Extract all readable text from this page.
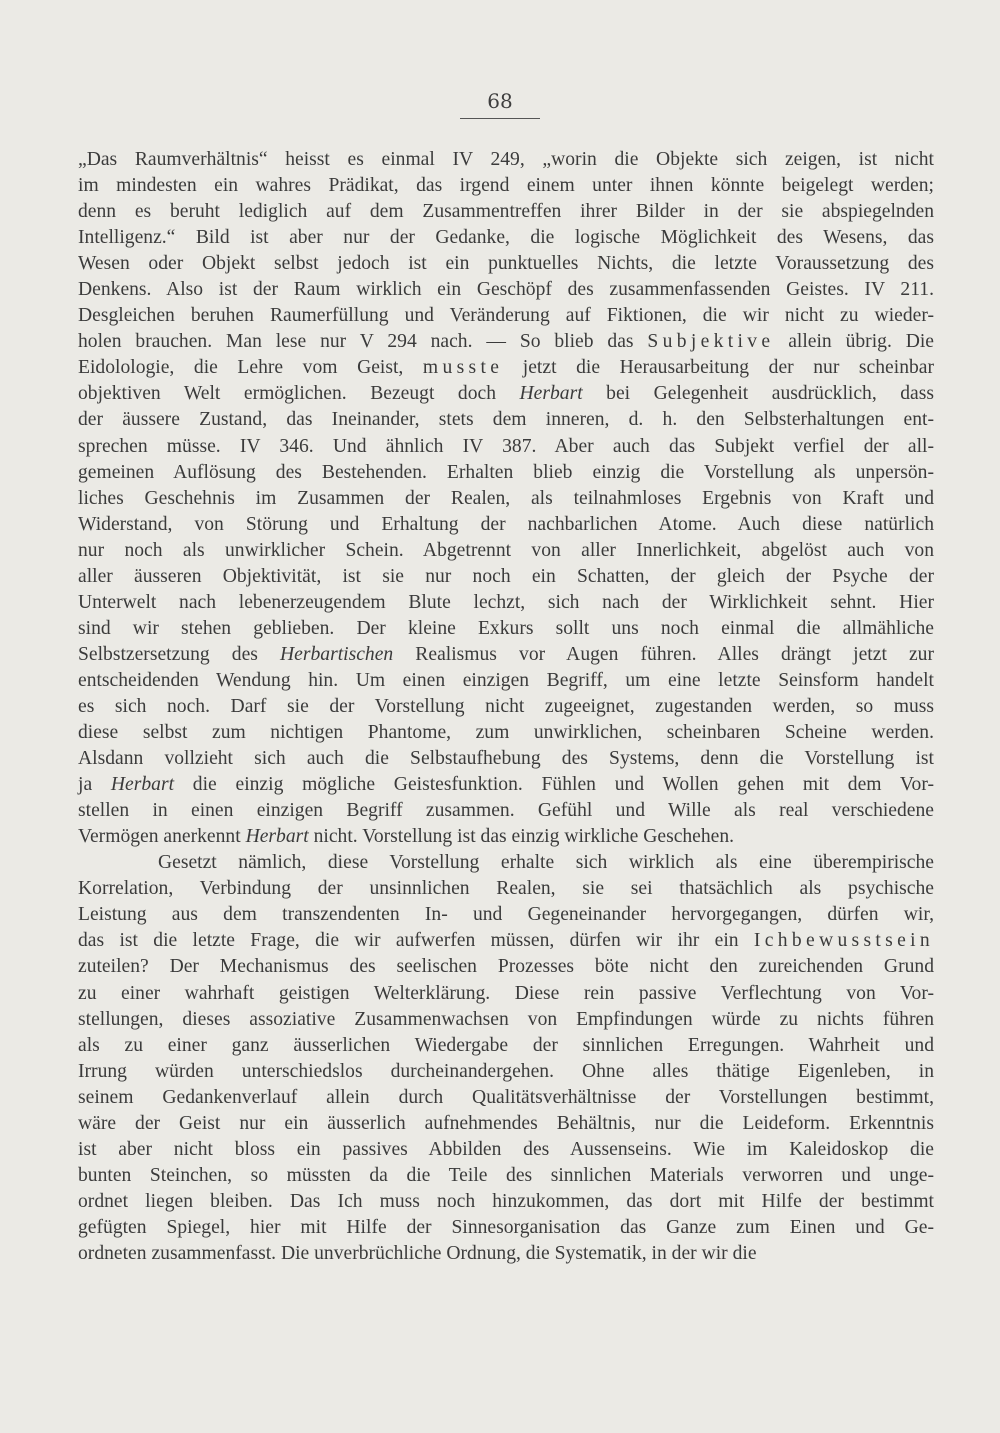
68
„Das Raumverhältnis“ heisst es einmal IV 249, „worin die Objekte sich zeigen, ist nicht
im mindesten ein wahres Prädikat, das irgend einem unter ihnen könnte beigelegt werden;
denn es beruht lediglich auf dem Zusammentreffen ihrer Bilder in der sie abspiegelnden
Intelligenz.“ Bild ist aber nur der Gedanke, die logische Möglichkeit des Wesens, das
Wesen oder Objekt selbst jedoch ist ein punktuelles Nichts, die letzte Voraussetzung des
Denkens. Also ist der Raum wirklich ein Geschöpf des zusammenfassenden Geistes. IV 211.
Desgleichen beruhen Raumerfüllung und Veränderung auf Fiktionen, die wir nicht zu wieder-
holen brauchen. Man lese nur V 294 nach. — So blieb das Subjektive allein übrig. Die
Eidolologie, die Lehre vom Geist, musste jetzt die Herausarbeitung der nur scheinbar
objektiven Welt ermöglichen. Bezeugt doch Herbart bei Gelegenheit ausdrücklich, dass
der äussere Zustand, das Ineinander, stets dem inneren, d. h. den Selbsterhaltungen ent-
sprechen müsse. IV 346. Und ähnlich IV 387. Aber auch das Subjekt verfiel der all-
gemeinen Auflösung des Bestehenden. Erhalten blieb einzig die Vorstellung als unpersön-
liches Geschehnis im Zusammen der Realen, als teilnahmloses Ergebnis von Kraft und
Widerstand, von Störung und Erhaltung der nachbarlichen Atome. Auch diese natürlich
nur noch als unwirklicher Schein. Abgetrennt von aller Innerlichkeit, abgelöst auch von
aller äusseren Objektivität, ist sie nur noch ein Schatten, der gleich der Psyche der
Unterwelt nach lebenerzeugendem Blute lechzt, sich nach der Wirklichkeit sehnt. Hier
sind wir stehen geblieben. Der kleine Exkurs sollt uns noch einmal die allmähliche
Selbstzersetzung des Herbartischen Realismus vor Augen führen. Alles drängt jetzt zur
entscheidenden Wendung hin. Um einen einzigen Begriff, um eine letzte Seinsform handelt
es sich noch. Darf sie der Vorstellung nicht zugeeignet, zugestanden werden, so muss
diese selbst zum nichtigen Phantome, zum unwirklichen, scheinbaren Scheine werden.
Alsdann vollzieht sich auch die Selbstaufhebung des Systems, denn die Vorstellung ist
ja Herbart die einzig mögliche Geistesfunktion. Fühlen und Wollen gehen mit dem Vor-
stellen in einen einzigen Begriff zusammen. Gefühl und Wille als real verschiedene
Vermögen anerkennt Herbart nicht. Vorstellung ist das einzig wirkliche Geschehen.
Gesetzt nämlich, diese Vorstellung erhalte sich wirklich als eine überempirische
Korrelation, Verbindung der unsinnlichen Realen, sie sei thatsächlich als psychische
Leistung aus dem transzendenten In- und Gegeneinander hervorgegangen, dürfen wir,
das ist die letzte Frage, die wir aufwerfen müssen, dürfen wir ihr ein Ichbewusstsein
zuteilen? Der Mechanismus des seelischen Prozesses böte nicht den zureichenden Grund
zu einer wahrhaft geistigen Welterklärung. Diese rein passive Verflechtung von Vor-
stellungen, dieses assoziative Zusammenwachsen von Empfindungen würde zu nichts führen
als zu einer ganz äusserlichen Wiedergabe der sinnlichen Erregungen. Wahrheit und
Irrung würden unterschiedslos durcheinandergehen. Ohne alles thätige Eigenleben, in
seinem Gedankenverlauf allein durch Qualitätsverhältnisse der Vorstellungen bestimmt,
wäre der Geist nur ein äusserlich aufnehmendes Behältnis, nur die Leideform. Erkenntnis
ist aber nicht bloss ein passives Abbilden des Aussenseins. Wie im Kaleidoskop die
bunten Steinchen, so müssten da die Teile des sinnlichen Materials verworren und unge-
ordnet liegen bleiben. Das Ich muss noch hinzukommen, das dort mit Hilfe der bestimmt
gefügten Spiegel, hier mit Hilfe der Sinnesorganisation das Ganze zum Einen und Ge-
ordneten zusammenfasst. Die unverbrüchliche Ordnung, die Systematik, in der wir die
